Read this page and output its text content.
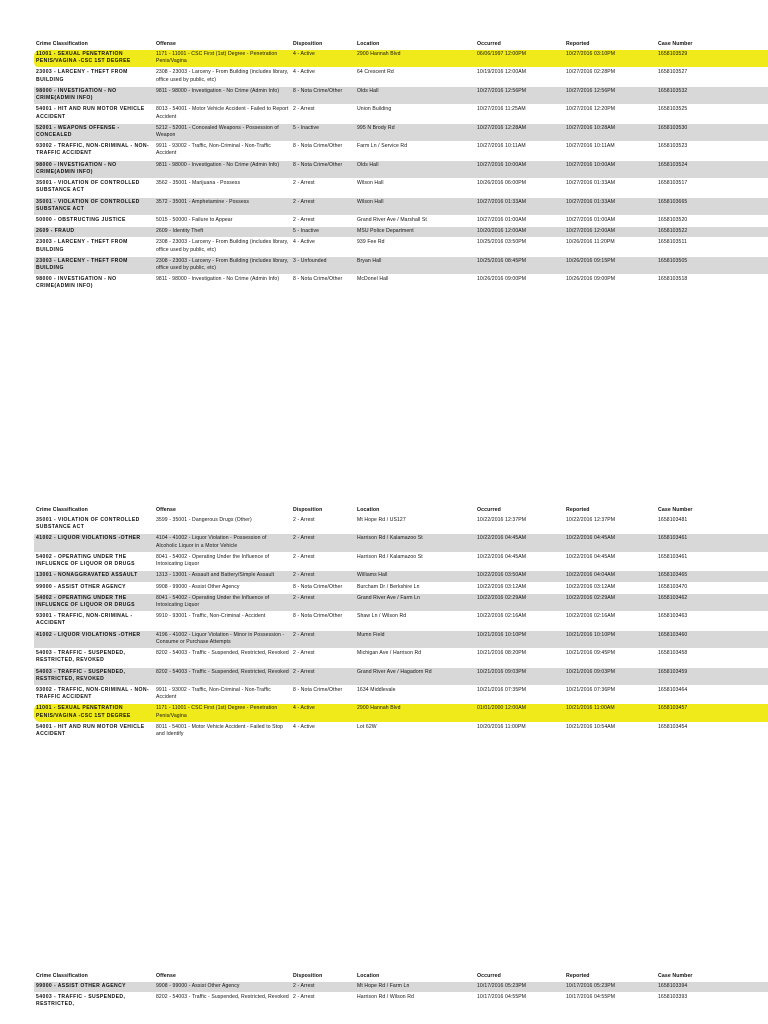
Crime Classification	Offense	Disposition	Location	Occurred	Reported	Case Number
11001 - SEXUAL PENETRATION PENIS/VAGINA -CSC 1ST DEGREE	1171 - 11001 - CSC First (1st) Degree - Penetration Penis/Vagina	4 - Active	2900 Hannah Blvd	06/06/1997 12:00PM	10/27/2016 03:10PM	1658103529
23003 - LARCENY - THEFT FROM BUILDING	2308 - 23003 - Larceny - From Building (includes library, office used by public, etc)	4 - Active	64 Crescent Rd	10/19/2016 12:00AM	10/27/2016 02:28PM	1658103527
98000 - INVESTIGATION - NO CRIME(ADMIN INFO)	9811 - 98000 - Investigation - No Crime (Admin Info)	8 - Nota Crime/Other	Olds Hall	10/27/2016 12:56PM	10/27/2016 12:56PM	1658103532
54001 - HIT AND RUN MOTOR VEHICLE ACCIDENT	8013 - 54001 - Motor Vehicle Accident - Failed to Report Accident	2 - Arrest	Union Building	10/27/2016 11:25AM	10/27/2016 12:20PM	1658103525
52001 - WEAPONS OFFENSE - CONCEALED	5212 - 52001 - Concealed Weapons - Possession of Weapon	5 - Inactive	995 N Brody Rd	10/27/2016 12:28AM	10/27/2016 10:28AM	1658103530
93002 - TRAFFIC, NON-CRIMINAL - NON-TRAFFIC ACCIDENT	9911 - 93002 - Traffic, Non-Criminal - Non-Traffic Accident	8 - Nota Crime/Other	Farm Ln / Service Rd	10/27/2016 10:11AM	10/27/2016 10:11AM	1658103523
98000 - INVESTIGATION - NO CRIME(ADMIN INFO)	9811 - 98000 - Investigation - No Crime (Admin Info)	8 - Nota Crime/Other	Olds Hall	10/27/2016 10:00AM	10/27/2016 10:00AM	1658103524
35001 - VIOLATION OF CONTROLLED SUBSTANCE ACT	3562 - 35001 - Marijuana - Possess	2 - Arrest	Wilson Hall	10/26/2016 06:00PM	10/27/2016 01:33AM	1658103517
35001 - VIOLATION OF CONTROLLED SUBSTANCE ACT	3572 - 35001 - Amphetamine - Possess	2 - Arrest	Wilson Hall	10/27/2016 01:33AM	10/27/2016 01:33AM	1658103665
50000 - OBSTRUCTING JUSTICE	5015 - 50000 - Failure to Appear	2 - Arrest	Grand River Ave / Marshall St	10/27/2016 01:00AM	10/27/2016 01:00AM	1658103520
2609 - FRAUD	2609 - Identity Theft	5 - Inactive	MSU Police Department	10/20/2016 12:00AM	10/27/2016 12:00AM	1658103522
23003 - LARCENY - THEFT FROM BUILDING	2308 - 23003 - Larceny - From Building (includes library, office used by public, etc)	4 - Active	939 Fee Rd	10/25/2016 03:50PM	10/26/2016 11:20PM	1658103511
23003 - LARCENY - THEFT FROM BUILDING	2308 - 23003 - Larceny - From Building (includes library, office used by public, etc)	3 - Unfounded	Bryan Hall	10/25/2016 08:45PM	10/26/2016 09:15PM	1658103505
98000 - INVESTIGATION - NO CRIME(ADMIN INFO)	9811 - 98000 - Investigation - No Crime (Admin Info)	8 - Nota Crime/Other	McDonel Hall	10/26/2016 09:00PM	10/26/2016 09:00PM	1658103518
Crime Classification	Offense	Disposition	Location	Occurred	Reported	Case Number
35001 - VIOLATION OF CONTROLLED SUBSTANCE ACT	3599 - 35001 - Dangerous Drugs (Other)	2 - Arrest	Mt Hope Rd / US127	10/22/2016 12:37PM	10/22/2016 12:37PM	1658103481
41002 - LIQUOR VIOLATIONS -OTHER	4104 - 41002 - Liquor Violation - Possession of Alcoholic Liquor in a Motor Vehicle	2 - Arrest	Harrison Rd / Kalamazoo St	10/22/2016 04:45AM	10/22/2016 04:45AM	1658103461
54002 - OPERATING UNDER THE INFLUENCE OF LIQUOR OR DRUGS	8041 - 54002 - Operating Under the Influence of Intoxicating Liquor	2 - Arrest	Harrison Rd / Kalamazoo St	10/22/2016 04:45AM	10/22/2016 04:45AM	1658103461
13001 - NONAGGRAVATED ASSAULT	1313 - 13001 - Assault and Battery/Simple Assault	2 - Arrest	Williams Hall	10/22/2016 03:50AM	10/22/2016 04:04AM	1658103465
99000 - ASSIST OTHER AGENCY	9908 - 99000 - Assist Other Agency	8 - Nota Crime/Other	Burcham Dr / Berkshire Ln	10/22/2016 03:12AM	10/22/2016 03:12AM	1658103470
54002 - OPERATING UNDER THE INFLUENCE OF LIQUOR OR DRUGS	8041 - 54002 - Operating Under the Influence of Intoxicating Liquor	2 - Arrest	Grand River Ave / Farm Ln	10/22/2016 02:29AM	10/22/2016 02:29AM	1658103462
93001 - TRAFFIC, NON-CRIMINAL - ACCIDENT	9910 - 93001 - Traffic, Non-Criminal - Accident	8 - Nota Crime/Other	Shaw Ln / Wilson Rd	10/22/2016 02:16AM	10/22/2016 02:16AM	1658103463
41002 - LIQUOR VIOLATIONS -OTHER	4196 - 41002 - Liquor Violation - Minor in Possession - Consume or Purchase Attempts	2 - Arrest	Mumn Field	10/21/2016 10:10PM	10/21/2016 10:10PM	1658103460
54003 - TRAFFIC - SUSPENDED, RESTRICTED, REVOKED	8202 - 54003 - Traffic - Suspended, Restricted, Revoked	2 - Arrest	Michigan Ave / Harrison Rd	10/21/2016 08:20PM	10/21/2016 09:45PM	1658103458
54003 - TRAFFIC - SUSPENDED, RESTRICTED, REVOKED	8202 - 54003 - Traffic - Suspended, Restricted, Revoked	2 - Arrest	Grand River Ave / Hagadorn Rd	10/21/2016 09:03PM	10/21/2016 09:03PM	1658103459
93002 - TRAFFIC, NON-CRIMINAL - NON-TRAFFIC ACCIDENT	9911 - 93002 - Traffic, Non-Criminal - Non-Traffic Accident	8 - Nota Crime/Other	1634 Middlevale	10/21/2016 07:35PM	10/21/2016 07:36PM	1658103464
11001 - SEXUAL PENETRATION PENIS/VAGINA -CSC 1ST DEGREE	1171 - 11001 - CSC First (1st) Degree - Penetration Penis/Vagina	4 - Active	2900 Hannah Blvd	01/01/2000 12:00AM	10/21/2016 11:00AM	1658103457
54001 - HIT AND RUN MOTOR VEHICLE ACCIDENT	8011 - 54001 - Motor Vehicle Accident - Failed to Stop and Identify	4 - Active	Lot 62W	10/20/2016 11:00PM	10/21/2016 10:54AM	1658103454
Crime Classification	Offense	Disposition	Location	Occurred	Reported	Case Number
99000 - ASSIST OTHER AGENCY	9908 - 99000 - Assist Other Agency	2 - Arrest	Mt Hope Rd / Farm Ln	10/17/2016 05:23PM	10/17/2016 05:23PM	1658103394
54003 - TRAFFIC - SUSPENDED, RESTRICTED,	8202 - 54003 - Traffic - Suspended, Restricted, Revoked	2 - Arrest	Harrison Rd / Wilson Rd	10/17/2016 04:55PM	10/17/2016 04:55PM	1658103393
